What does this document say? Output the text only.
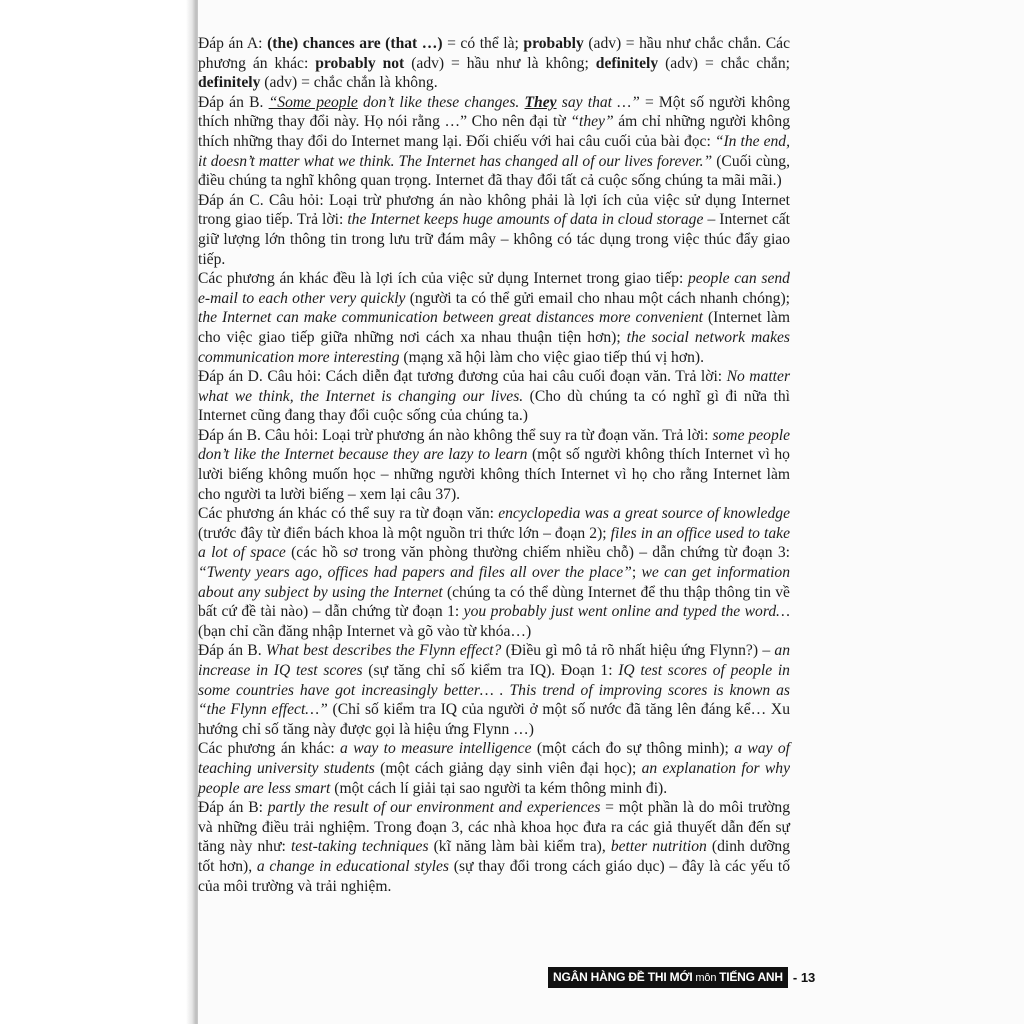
Đáp án A: (the) chances are (that …) = có thể là; probably (adv) = hầu như chắc chắn. Các phương án khác: probably not (adv) = hầu như là không; definitely (adv) = chắc chắn; definitely (adv) = chắc chắn là không.

Đáp án B. “Some people don’t like these changes. They say that …” = Một số người không thích những thay đổi này. Họ nói rằng …” Cho nên đại từ “they” ám chỉ những người không thích những thay đổi do Internet mang lại. Đối chiếu với hai câu cuối của bài đọc: “In the end, it doesn’t matter what we think. The Internet has changed all of our lives forever.” (Cuối cùng, điều chúng ta nghĩ không quan trọng. Internet đã thay đổi tất cả cuộc sống chúng ta mãi mãi.)

Đáp án C. Câu hỏi: Loại trừ phương án nào không phải là lợi ích của việc sử dụng Internet trong giao tiếp. Trả lời: the Internet keeps huge amounts of data in cloud storage – Internet cất giữ lượng lớn thông tin trong lưu trữ đám mây – không có tác dụng trong việc thúc đẩy giao tiếp.

Các phương án khác đều là lợi ích của việc sử dụng Internet trong giao tiếp: people can send e-mail to each other very quickly (người ta có thể gửi email cho nhau một cách nhanh chóng); the Internet can make communication between great distances more convenient (Internet làm cho việc giao tiếp giữa những nơi cách xa nhau thuận tiện hơn); the social network makes communication more interesting (mạng xã hội làm cho việc giao tiếp thú vị hơn).

Đáp án D. Câu hỏi: Cách diễn đạt tương đương của hai câu cuối đoạn văn. Trả lời: No matter what we think, the Internet is changing our lives. (Cho dù chúng ta có nghĩ gì đi nữa thì Internet cũng đang thay đổi cuộc sống của chúng ta.)

Đáp án B. Câu hỏi: Loại trừ phương án nào không thể suy ra từ đoạn văn. Trả lời: some people don’t like the Internet because they are lazy to learn (một số người không thích Internet vì họ lười biếng không muốn học – những người không thích Internet vì họ cho rằng Internet làm cho người ta lười biếng – xem lại câu 37).

Các phương án khác có thể suy ra từ đoạn văn: encyclopedia was a great source of knowledge (trước đây từ điển bách khoa là một nguồn tri thức lớn – đoạn 2); files in an office used to take a lot of space (các hồ sơ trong văn phòng thường chiếm nhiều chỗ) – dẫn chứng từ đoạn 3: “Twenty years ago, offices had papers and files all over the place”; we can get information about any subject by using the Internet (chúng ta có thể dùng Internet để thu thập thông tin về bất cứ đề tài nào) – dẫn chứng từ đoạn 1: you probably just went online and typed the word… (bạn chỉ cần đăng nhập Internet và gõ vào từ khóa…)

Đáp án B. What best describes the Flynn effect? (Điều gì mô tả rõ nhất hiệu ứng Flynn?) – an increase in IQ test scores (sự tăng chỉ số kiểm tra IQ). Đoạn 1: IQ test scores of people in some countries have got increasingly better… . This trend of improving scores is known as “the Flynn effect…” (Chỉ số kiểm tra IQ của người ở một số nước đã tăng lên đáng kể… Xu hướng chỉ số tăng này được gọi là hiệu ứng Flynn …)

Các phương án khác: a way to measure intelligence (một cách đo sự thông minh); a way of teaching university students (một cách giảng dạy sinh viên đại học); an explanation for why people are less smart (một cách lí giải tại sao người ta kém thông minh đi).

Đáp án B: partly the result of our environment and experiences = một phần là do môi trường và những điều trải nghiệm. Trong đoạn 3, các nhà khoa học đưa ra các giả thuyết dẫn đến sự tăng này như: test-taking techniques (kĩ năng làm bài kiểm tra), better nutrition (dinh dưỡng tốt hơn), a change in educational styles (sự thay đổi trong cách giáo dục) – đây là các yếu tố của môi trường và trải nghiệm.

NGÂN HÀNG ĐỀ THI MỚI môn TIẾNG ANH - 13
